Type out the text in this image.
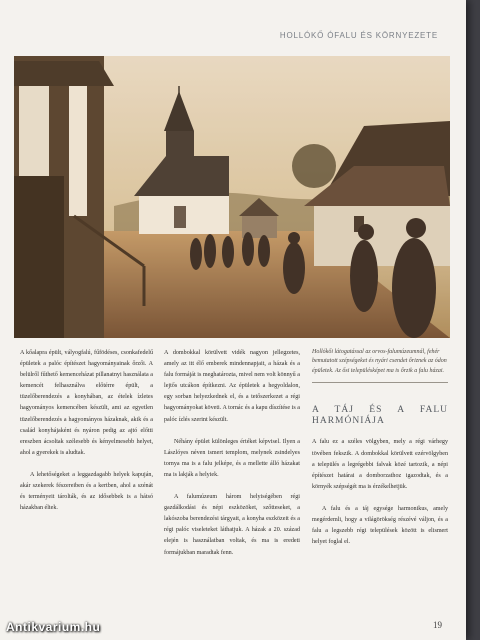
HOLLÓKŐ ÓFALU ÉS KÖRNYEZETE

A kőalapra épült, vályogfalú, fűfödéses, csonkafedelű épületek a palóc építészet hagyományainak őrzői. A belülről fűthető kemenceházat pillanatnyi használata a kemencét felhasználva előtérre épült, a tüzelőberendezés a konyhában, az ételek ízletes hagyományos kemencében készült, ami az egyetlen tüzelőberendezés a hagyományos házaknak, akik és a család konyhájaként és nyáron pedig az ajtó előtti ereszben ácsoltak szélesebb és kényelmesebb helyet, ahol a gyerekek is aludtak.

A lehetőségeket a leggazdagabb helyek kapuján, akár szekerek fészereiben és a kertben, ahol a szénát és terményeit tárolták, és az idősebbek is a hátsó házakban éltek.

A dombokkal körülvett vidék nagyon jellegzetes, amely az itt élő emberek mindennapjait, a házak és a falu formáját is meghatározta, mivel nem volt könnyű a lejtős utcákon építkezni. Az épületek a hegyoldalon, egy sorban helyezkednek el, és a tetőszerkezet a régi hagyományokat követi. A tornác és a kapu díszítése is a palóc ízlés szerint készült.

Néhány épület különleges értéket képvisel. Ilyen a Lászlóyes néven ismert templom, melynek zsindelyes tornya ma is a falu jelképe, és a mellette álló házakat ma is lakják a helyiek.

A falumúzeum három helyiségében régi gazdálkodási és népi eszközöket, szőtteseket, a lakószoba berendezési tárgyait, a konyha eszközeit és a régi palóc viseleteket láthatjuk. A házak a 20. század elején is használatban voltak, és ma is eredeti formájukban maradtak fenn.

Hollókői látogatással az orvos-falumúzeumnál, fehér bemutatott szépségeket és nyári csendet őriznek az ódon épületek. Az ősi településképet ma is őrzik a falu házai.
A TÁJ ÉS A FALU HARMÓNIÁJA

A falu ez a széles völgyben, mely a régi várhegy tövében fekszik. A dombokkal körülvett ezérvölgyben a település a legrégebbi falvak közé tartozik, a népi építészet határai a domborzathoz igazodtak, és a környék szépségét ma is érzékelhetjük.

A falu és a táj egysége harmonikus, amely megérdemli, hogy a világörökség részévé váljon, és a falu a legszebb régi települések között is elismert helyet foglal el.

19
Antikvarium.hu
